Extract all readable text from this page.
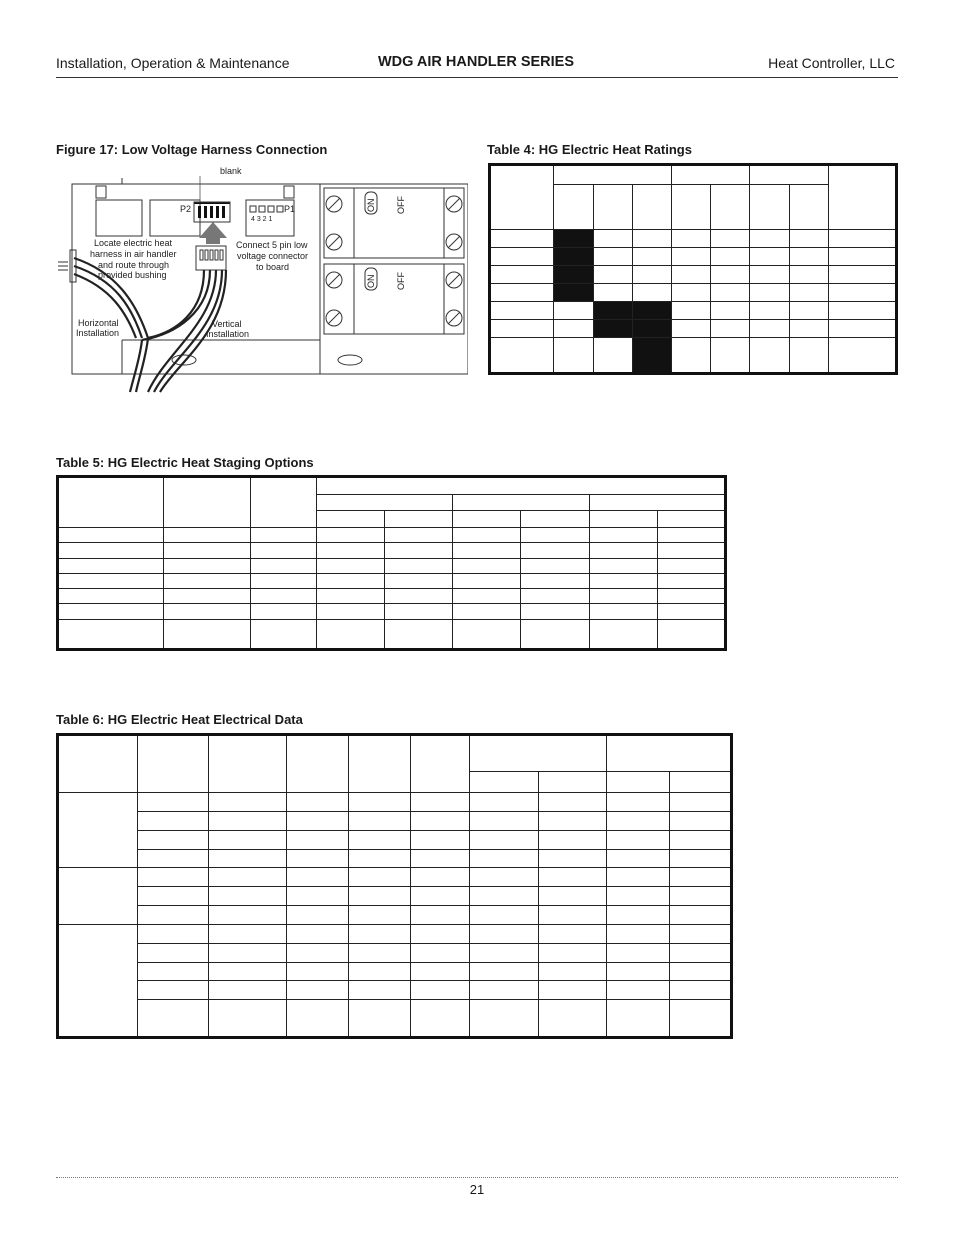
Installation, Operation & Maintenance	WDG AIR HANDLER SERIES	Heat Controller, LLC
Figure 17: Low Voltage Harness Connection
blank
P2	P1
4 3 2 1
Locate electric heat
harness in air handler
and route through
provided bushing
Connect 5 pin low
voltage connector
to board
Horizontal
Installation
Vertical
Installation
ON OFF
ON OFF
Table 4: HG Electric Heat Ratings

Table 5: HG Electric Heat Staging Options

Table 6: HG Electric Heat Electrical Data

21
